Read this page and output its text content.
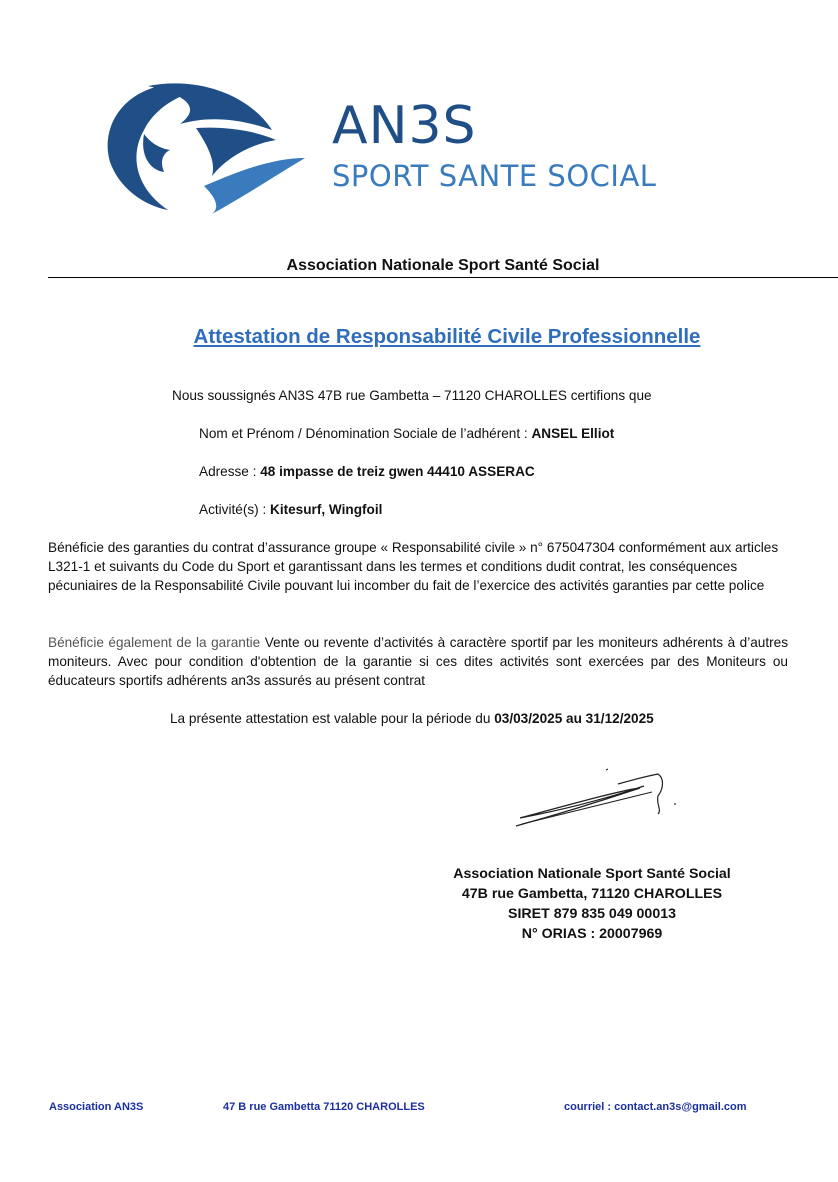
AN3S
SPORT SANTE SOCIAL
Association Nationale Sport Santé Social
Attestation de Responsabilité Civile Professionnelle
Nous soussignés AN3S 47B rue Gambetta – 71120 CHAROLLES certifions que
Nom et Prénom / Dénomination Sociale de l’adhérent : ANSEL Elliot
Adresse : 48 impasse de treiz gwen 44410 ASSERAC
Activité(s) : Kitesurf, Wingfoil
Bénéficie des garanties du contrat d’assurance groupe « Responsabilité civile » n° 675047304 conformément aux articles L321-1 et suivants du Code du Sport et garantissant dans les termes et conditions dudit contrat, les conséquences pécuniaires de la Responsabilité Civile pouvant lui incomber du fait de l’exercice des activités garanties par cette police
Bénéficie également de la garantie Vente ou revente d’activités à caractère sportif par les moniteurs adhérents à d’autres moniteurs. Avec pour condition d'obtention de la garantie si ces dites activités sont exercées par des Moniteurs ou éducateurs sportifs adhérents an3s assurés au présent contrat
La présente attestation est valable pour la période du 03/03/2025 au 31/12/2025
Association Nationale Sport Santé Social
47B rue Gambetta, 71120 CHAROLLES
SIRET 879 835 049 00013
N° ORIAS : 20007969
Association AN3S	47 B rue Gambetta 71120 CHAROLLES	courriel : contact.an3s@gmail.com
